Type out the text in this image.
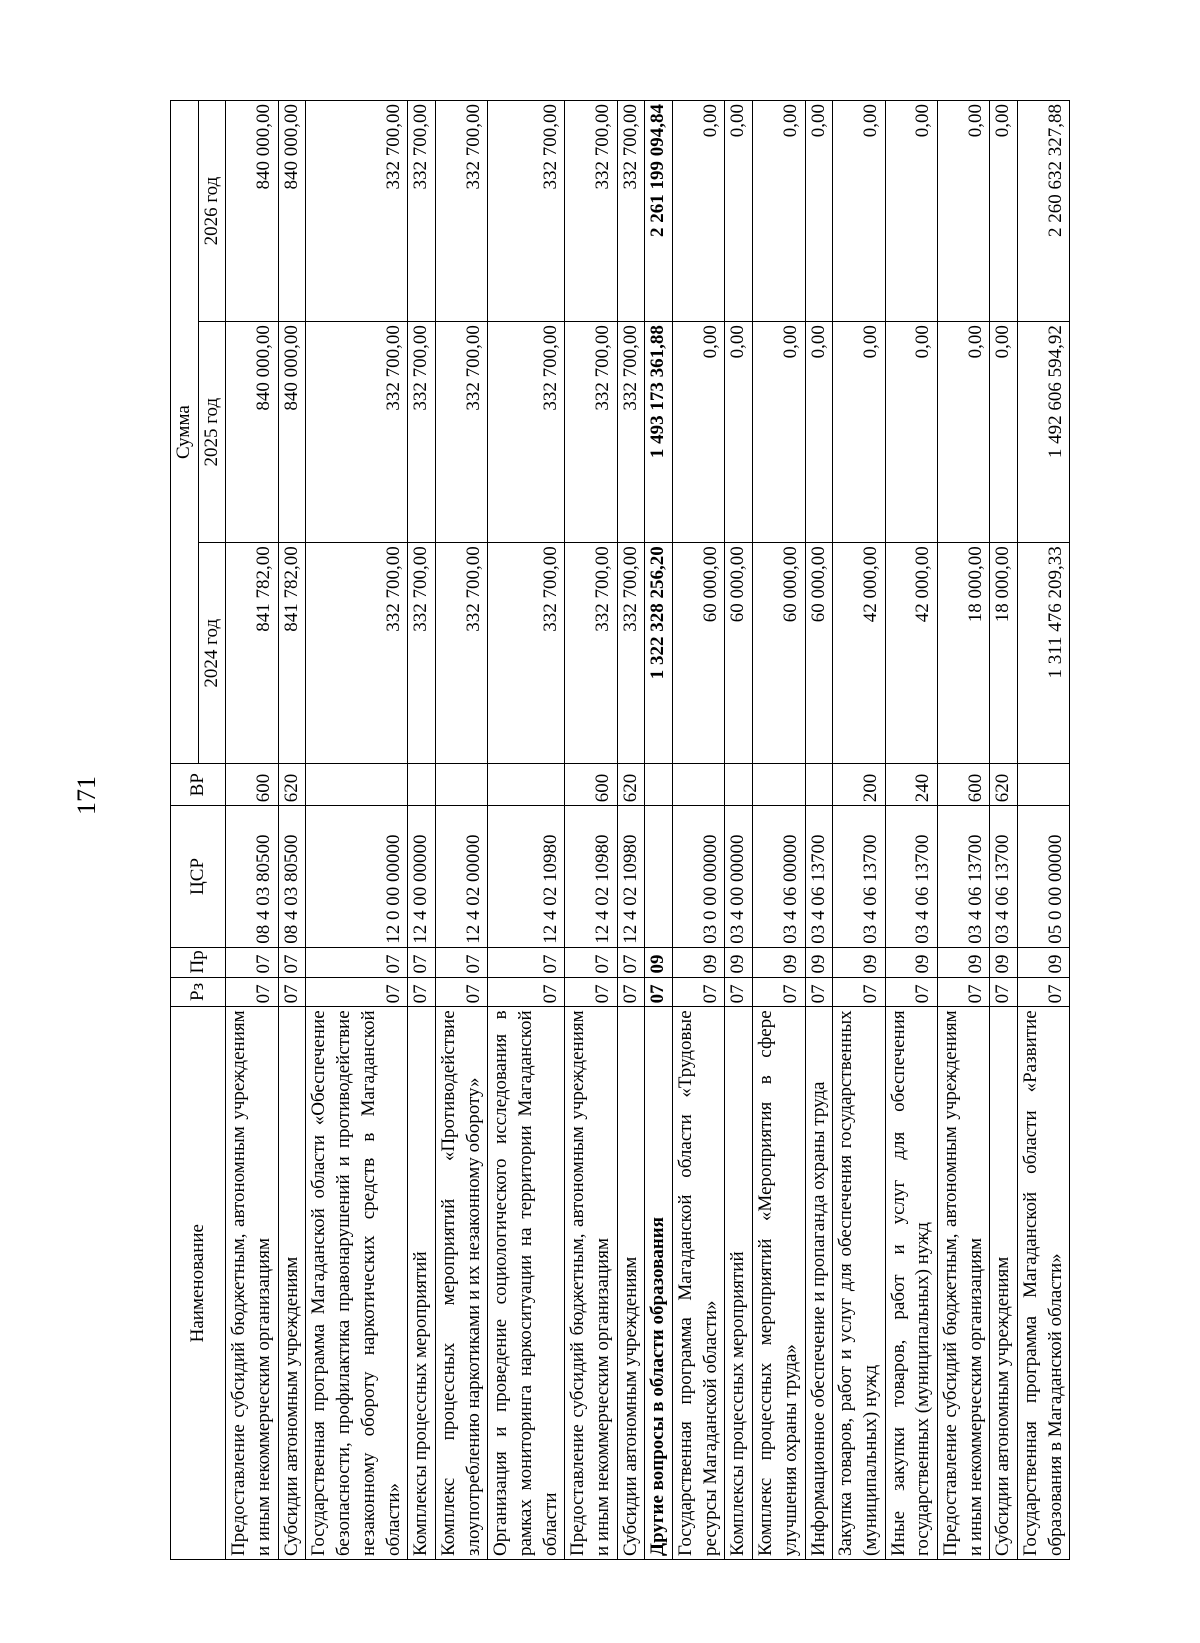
171
Наименование	Рз	Пр	ЦСР	ВР	Сумма		
					2024 год	2025 год	2026 год
Предоставление субсидий бюджетным, автономным учреждениям и иным некоммерческим организациям	07	07	08 4 03 80500	600	841 782,00	840 000,00	840 000,00
Субсидии автономным учреждениям	07	07	08 4 03 80500	620	841 782,00	840 000,00	840 000,00
Государственная программа Магаданской области «Обеспечение безопасности, профилактика правонарушений и противодействие незаконному обороту наркотических средств в Магаданской области»	07	07	12 0 00 00000		332 700,00	332 700,00	332 700,00
Комплексы процессных мероприятий	07	07	12 4 00 00000		332 700,00	332 700,00	332 700,00
Комплекс процессных мероприятий «Противодействие злоупотреблению наркотиками и их незаконному обороту»	07	07	12 4 02 00000		332 700,00	332 700,00	332 700,00
Организация и проведение социологического исследования в рамках мониторинга наркоситуации на территории Магаданской области	07	07	12 4 02 10980		332 700,00	332 700,00	332 700,00
Предоставление субсидий бюджетным, автономным учреждениям и иным некоммерческим организациям	07	07	12 4 02 10980	600	332 700,00	332 700,00	332 700,00
Субсидии автономным учреждениям	07	07	12 4 02 10980	620	332 700,00	332 700,00	332 700,00
Другие вопросы в области образования	07	09			1 322 328 256,20	1 493 173 361,88	2 261 199 094,84
Государственная программа Магаданской области «Трудовые ресурсы Магаданской области»	07	09	03 0 00 00000		60 000,00	0,00	0,00
Комплексы процессных мероприятий	07	09	03 4 00 00000		60 000,00	0,00	0,00
Комплекс процессных мероприятий «Мероприятия в сфере улучшения охраны труда»	07	09	03 4 06 00000		60 000,00	0,00	0,00
Информационное обеспечение и пропаганда охраны труда	07	09	03 4 06 13700		60 000,00	0,00	0,00
Закупка товаров, работ и услуг для обеспечения государственных (муниципальных) нужд	07	09	03 4 06 13700	200	42 000,00	0,00	0,00
Иные закупки товаров, работ и услуг для обеспечения государственных (муниципальных) нужд	07	09	03 4 06 13700	240	42 000,00	0,00	0,00
Предоставление субсидий бюджетным, автономным учреждениям и иным некоммерческим организациям	07	09	03 4 06 13700	600	18 000,00	0,00	0,00
Субсидии автономным учреждениям	07	09	03 4 06 13700	620	18 000,00	0,00	0,00
Государственная программа Магаданской области «Развитие образования в Магаданской области»	07	09	05 0 00 00000		1 311 476 209,33	1 492 606 594,92	2 260 632 327,88
